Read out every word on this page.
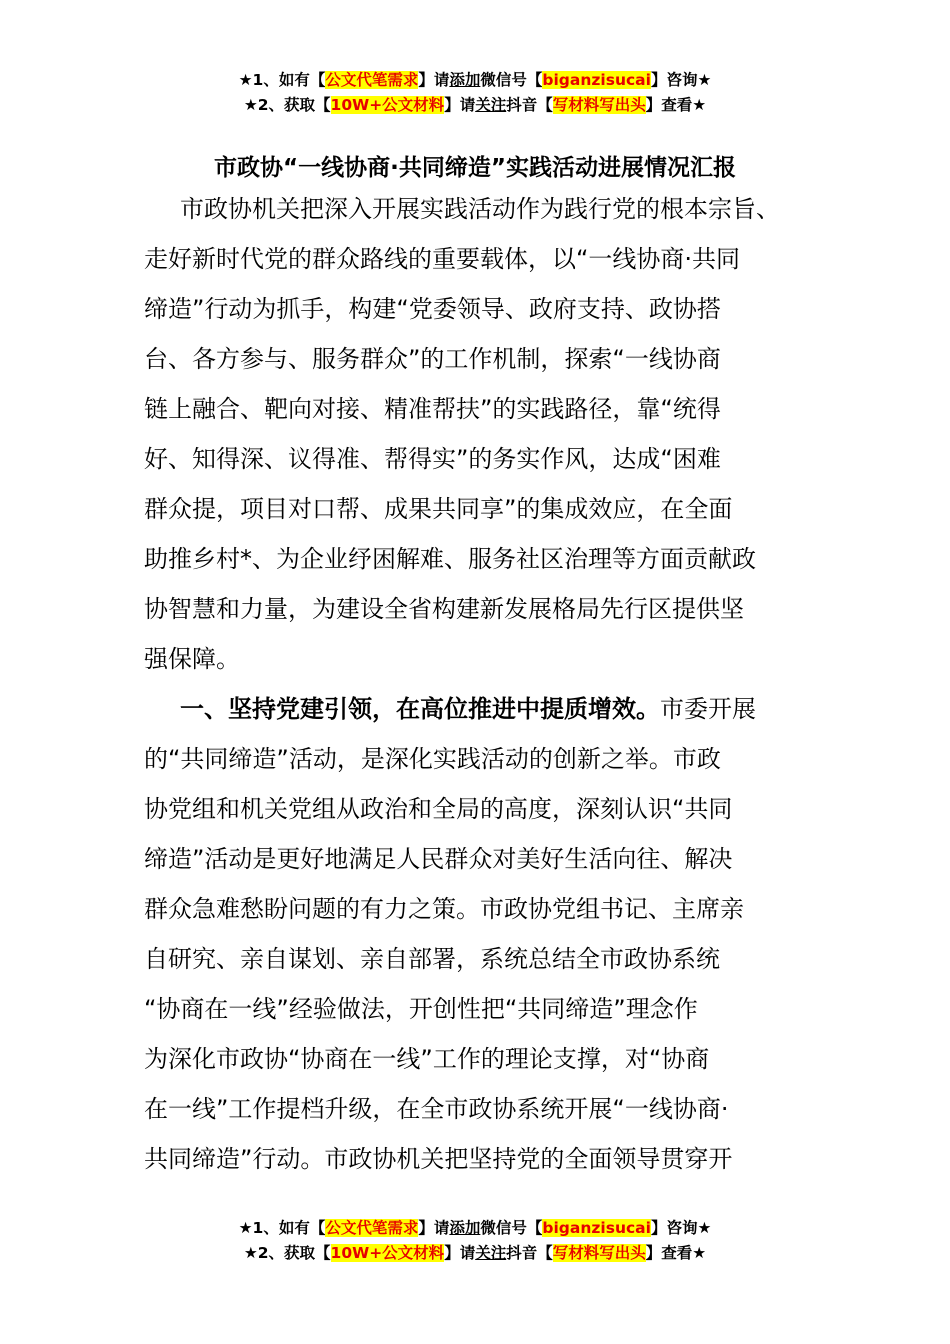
★1、如有【公文代笔需求】请添加微信号【biganzisucai】咨询★
★2、获取【10W+公文材料】请关注抖音【写材料写出头】查看★
市政协“一线协商·共同缔造”实践活动进展情况汇报
市政协机关把深入开展实践活动作为践行党的根本宗旨、
走好新时代党的群众路线的重要载体，以“一线协商·共同
缔造”行动为抓手，构建“党委领导、政府支持、政协搭
台、各方参与、服务群众”的工作机制，探索“一线协商
链上融合、靶向对接、精准帮扶”的实践路径，靠“统得
好、知得深、议得准、帮得实”的务实作风，达成“困难
群众提，项目对口帮、成果共同享”的集成效应，在全面
助推乡村*、为企业纾困解难、服务社区治理等方面贡献政
协智慧和力量，为建设全省构建新发展格局先行区提供坚
强保障。
一、坚持党建引领，在高位推进中提质增效。市委开展
的“共同缔造”活动，是深化实践活动的创新之举。市政
协党组和机关党组从政治和全局的高度，深刻认识“共同
缔造”活动是更好地满足人民群众对美好生活向往、解决
群众急难愁盼问题的有力之策。市政协党组书记、主席亲
自研究、亲自谋划、亲自部署，系统总结全市政协系统
“协商在一线”经验做法，开创性把“共同缔造”理念作
为深化市政协“协商在一线”工作的理论支撑，对“协商
在一线”工作提档升级，在全市政协系统开展“一线协商·
共同缔造”行动。市政协机关把坚持党的全面领导贯穿开
★1、如有【公文代笔需求】请添加微信号【biganzisucai】咨询★
★2、获取【10W+公文材料】请关注抖音【写材料写出头】查看★
